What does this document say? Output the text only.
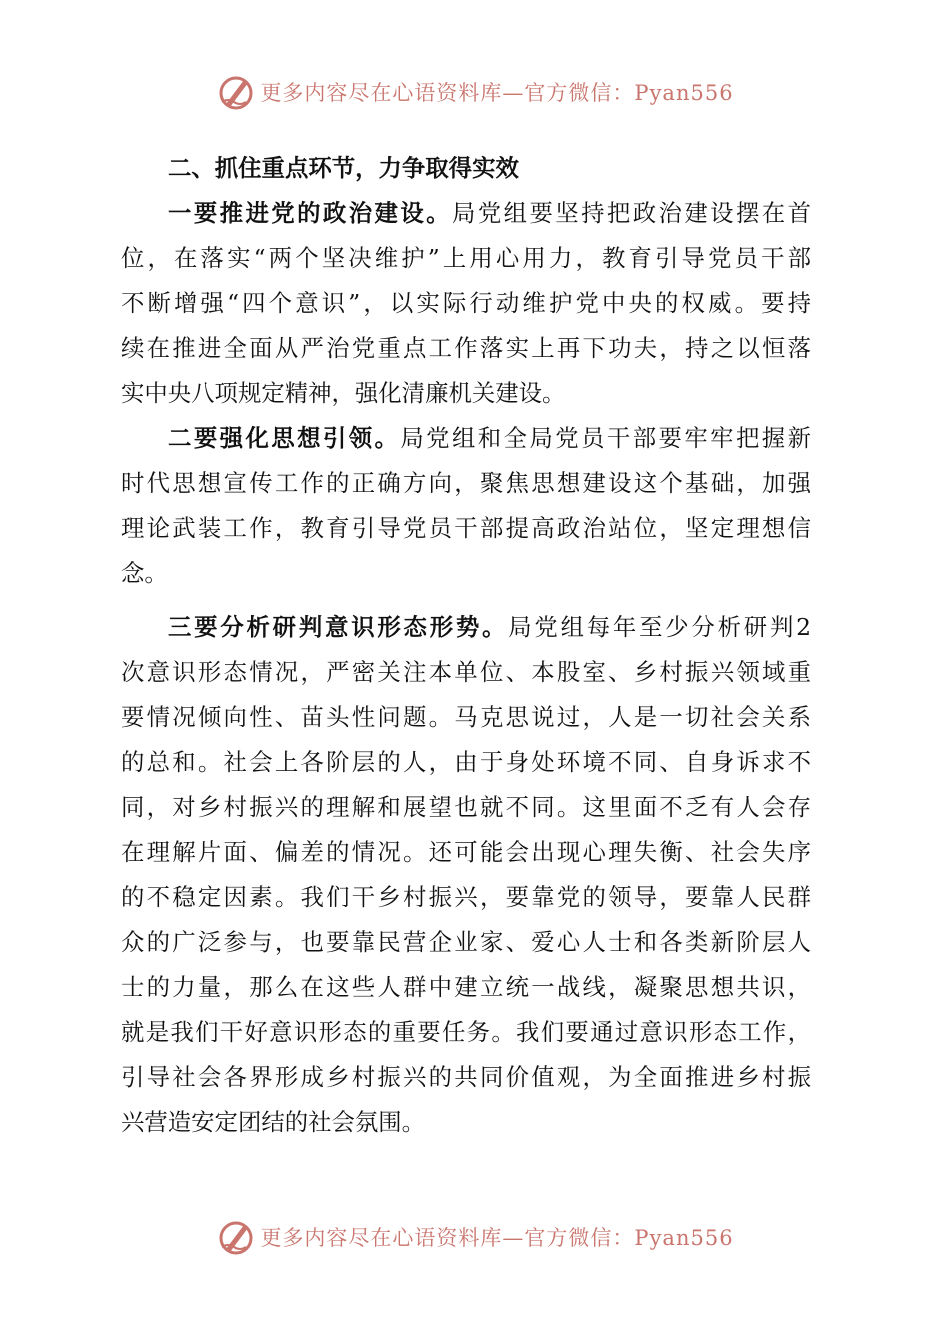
更多内容尽在心语资料库—官方微信：Pyan556
二、抓住重点环节，力争取得实效
一要推进党的政治建设。局党组要坚持把政治建设摆在首
位，在落实“两个坚决维护”上用心用力，教育引导党员干部
不断增强“四个意识”，以实际行动维护党中央的权威。要持
续在推进全面从严治党重点工作落实上再下功夫，持之以恒落
实中央八项规定精神，强化清廉机关建设。
二要强化思想引领。局党组和全局党员干部要牢牢把握新
时代思想宣传工作的正确方向，聚焦思想建设这个基础，加强
理论武装工作，教育引导党员干部提高政治站位，坚定理想信
念。
三要分析研判意识形态形势。局党组每年至少分析研判2
次意识形态情况，严密关注本单位、本股室、乡村振兴领域重
要情况倾向性、苗头性问题。马克思说过，人是一切社会关系
的总和。社会上各阶层的人，由于身处环境不同、自身诉求不
同，对乡村振兴的理解和展望也就不同。这里面不乏有人会存
在理解片面、偏差的情况。还可能会出现心理失衡、社会失序
的不稳定因素。我们干乡村振兴，要靠党的领导，要靠人民群
众的广泛参与，也要靠民营企业家、爱心人士和各类新阶层人
士的力量，那么在这些人群中建立统一战线，凝聚思想共识，
就是我们干好意识形态的重要任务。我们要通过意识形态工作，
引导社会各界形成乡村振兴的共同价值观，为全面推进乡村振
兴营造安定团结的社会氛围。
更多内容尽在心语资料库—官方微信：Pyan556
